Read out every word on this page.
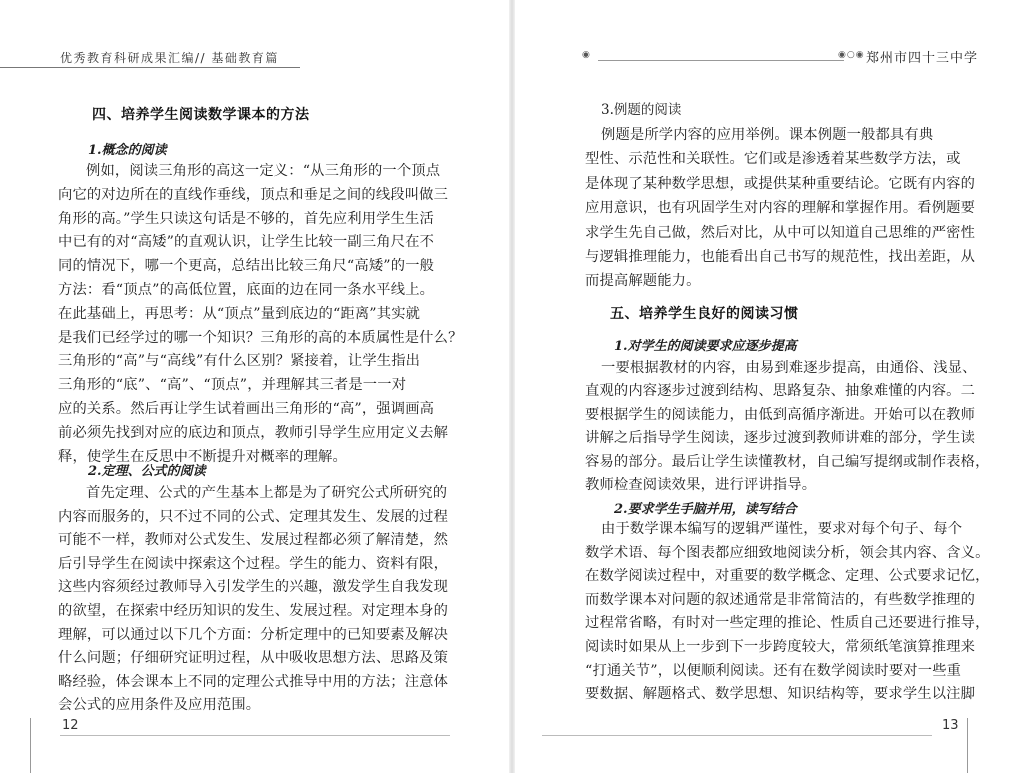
优秀教育科研成果汇编// 基础教育篇
四、培养学生阅读数学课本的方法
1.概念的阅读
例如，阅读三角形的高这一定义：“从三角形的一个顶点
向它的对边所在的直线作垂线，顶点和垂足之间的线段叫做三
角形的高。”学生只读这句话是不够的，首先应利用学生生活
中已有的对“高矮”的直观认识，让学生比较一副三角尺在不
同的情况下，哪一个更高，总结出比较三角尺“高矮”的一般
方法：看“顶点”的高低位置，底面的边在同一条水平线上。
在此基础上，再思考：从“顶点”量到底边的“距离”其实就
是我们已经学过的哪一个知识？三角形的高的本质属性是什么？
三角形的“高”与“高线”有什么区别？紧接着，让学生指出
三角形的“底”、“高”、“顶点”，并理解其三者是一一对
应的关系。然后再让学生试着画出三角形的“高”，强调画高
前必须先找到对应的底边和顶点，教师引导学生应用定义去解
释，使学生在反思中不断提升对概率的理解。
2.定理、公式的阅读
首先定理、公式的产生基本上都是为了研究公式所研究的
内容而服务的，只不过不同的公式、定理其发生、发展的过程
可能不一样，教师对公式发生、发展过程都必须了解清楚，然
后引导学生在阅读中探索这个过程。学生的能力、资料有限，
这些内容须经过教师导入引发学生的兴趣，激发学生自我发现
的欲望，在探索中经历知识的发生、发展过程。对定理本身的
理解，可以通过以下几个方面：分析定理中的已知要素及解决
什么问题；仔细研究证明过程，从中吸收思想方法、思路及策
略经验，体会课本上不同的定理公式推导中用的方法；注意体
会公式的应用条件及应用范围。
12
◉	◉○◉ 郑州市四十三中学
3.例题的阅读
例题是所学内容的应用举例。课本例题一般都具有典
型性、示范性和关联性。它们或是渗透着某些数学方法，或
是体现了某种数学思想，或提供某种重要结论。它既有内容的
应用意识，也有巩固学生对内容的理解和掌握作用。看例题要
求学生先自己做，然后对比，从中可以知道自己思维的严密性
与逻辑推理能力，也能看出自己书写的规范性，找出差距，从
而提高解题能力。
五、培养学生良好的阅读习惯
1.对学生的阅读要求应逐步提高
一要根据教材的内容，由易到难逐步提高，由通俗、浅显、
直观的内容逐步过渡到结构、思路复杂、抽象难懂的内容。二
要根据学生的阅读能力，由低到高循序渐进。开始可以在教师
讲解之后指导学生阅读，逐步过渡到教师讲难的部分，学生读
容易的部分。最后让学生读懂教材，自己编写提纲或制作表格，
教师检查阅读效果，进行评讲指导。
2.要求学生手脑并用，读写结合
由于数学课本编写的逻辑严谨性，要求对每个句子、每个
数学术语、每个图表都应细致地阅读分析，领会其内容、含义。
在数学阅读过程中，对重要的数学概念、定理、公式要求记忆，
而数学课本对问题的叙述通常是非常简洁的，有些数学推理的
过程常省略，有时对一些定理的推论、性质自己还要进行推导，
阅读时如果从上一步到下一步跨度较大，常须纸笔演算推理来
“打通关节”，以便顺利阅读。还有在数学阅读时要对一些重
要数据、解题格式、数学思想、知识结构等，要求学生以注脚
13
